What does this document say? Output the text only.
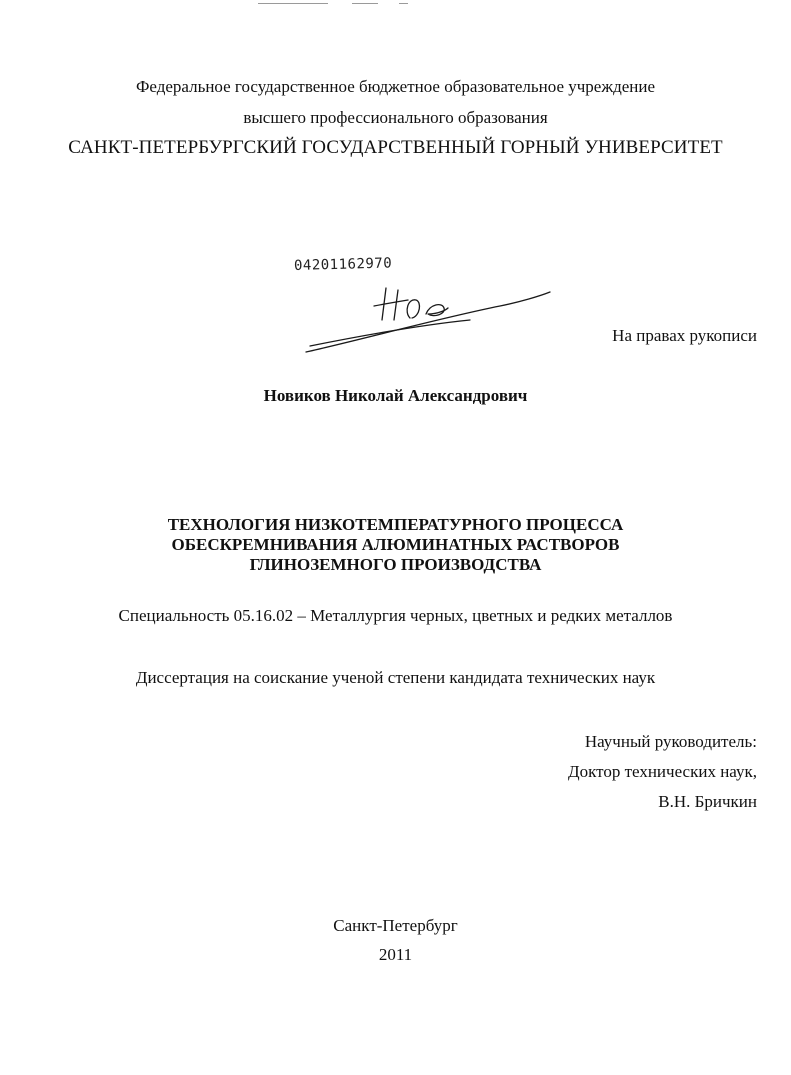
Федеральное государственное бюджетное образовательное учреждение
высшего профессионального образования
САНКТ-ПЕТЕРБУРГСКИЙ ГОСУДАРСТВЕННЫЙ ГОРНЫЙ УНИВЕРСИТЕТ
04201162970
На правах рукописи
Новиков Николай Александрович
ТЕХНОЛОГИЯ НИЗКОТЕМПЕРАТУРНОГО ПРОЦЕССА
ОБЕСКРЕМНИВАНИЯ АЛЮМИНАТНЫХ РАСТВОРОВ
ГЛИНОЗЕМНОГО ПРОИЗВОДСТВА
Специальность 05.16.02 – Металлургия черных, цветных и редких металлов
Диссертация на соискание ученой степени кандидата технических наук
Научный руководитель:
Доктор технических наук,
В.Н. Бричкин
Санкт-Петербург
2011
